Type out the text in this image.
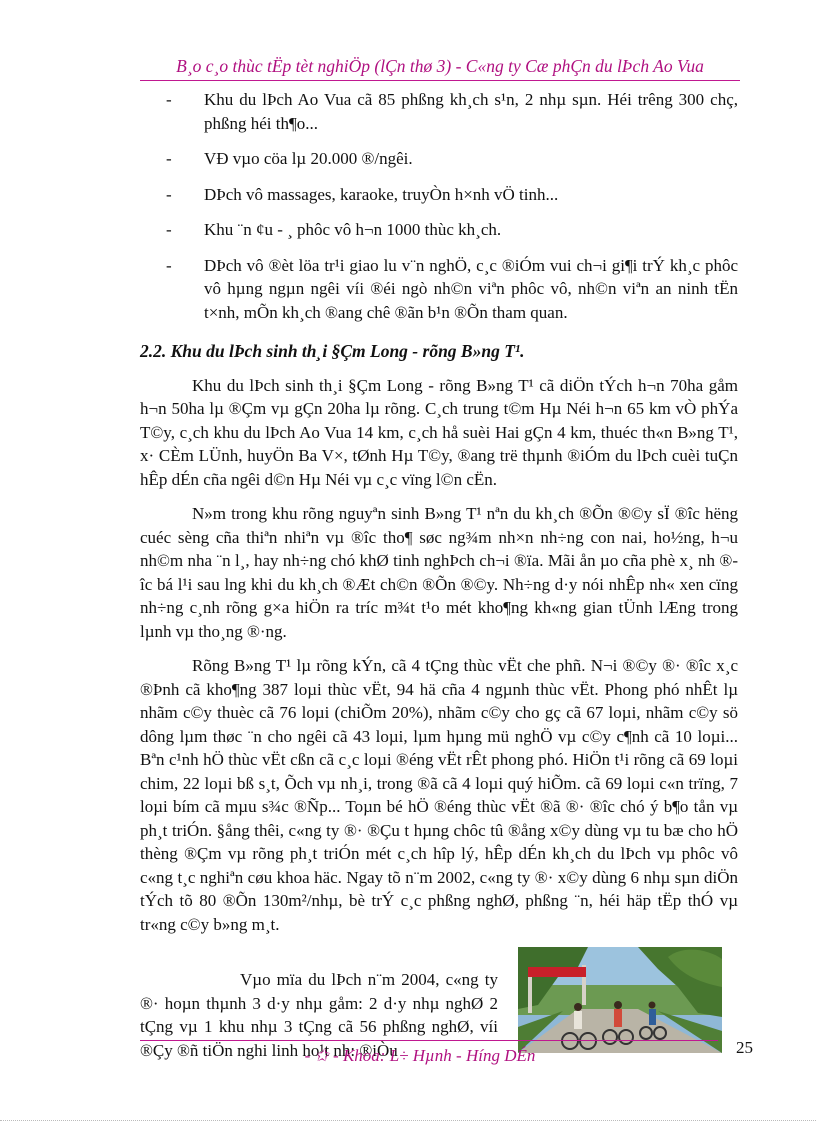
B¸o c¸o thùc tËp tèt nghiÖp (lÇn thø 3) - C«ng ty Cæ phÇn du lÞch Ao Vua
- Khu du lÞch Ao Vua cã 85 phßng kh¸ch s¹n, 2 nhµ sµn. Héi trêng 300 chç, phßng héi th¶o...
- VÐ vµo cöa lµ 20.000 ®/ngêi.
- DÞch vô massages, karaoke, truyÒn h×nh vÖ tinh...
- Khu ¨n ¢u - ¸ phôc vô h¬n 1000 thùc kh¸ch.
- DÞch vô ®èt löa tr¹i giao lu v¨n nghÖ, c¸c ®iÓm vui ch¬i gi¶i trÝ kh¸c phôc vô hµng ngµn ngêi víi ®éi ngò nh©n viªn phôc vô, nh©n viªn an ninh tËn t×nh, mÕn kh¸ch ®ang chê ®ãn b¹n ®Õn tham quan.
2.2. Khu du lÞch sinh th¸i §Çm Long - rõng B»ng T¹.

Khu du lÞch sinh th¸i §Çm Long - rõng B»ng T¹ cã diÖn tÝch h¬n 70ha gåm h¬n 50ha lµ ®Çm vµ gÇn 20ha lµ rõng. C¸ch trung t©m Hµ Néi h¬n 65 km vÒ phÝa T©y, c¸ch khu du lÞch Ao Vua 14 km, c¸ch hå suèi Hai gÇn 4 km, thuéc th«n B»ng T¹, x· CÈm LÜnh, huyÖn Ba V×, tØnh Hµ T©y, ®ang trë thµnh ®iÓm du lÞch cuèi tuÇn hÊp dÉn cña ngêi d©n Hµ Néi vµ c¸c vïng l©n cËn.

N»m trong khu rõng nguyªn sinh B»ng T¹ nªn du kh¸ch ®Õn ®©y sÏ ®îc hëng cuéc sèng cña thiªn nhiªn vµ ®îc tho¶ søc ng¾m nh×n nh÷ng con nai, ho½ng, h¬u nh©m nha ¨n l¸, hay nh÷ng chó khØ tinh nghÞch ch¬i ®ïa. Mãi ån µo cña phè x¸ nh ®îc bá l¹i sau lng khi du kh¸ch ®Æt ch©n ®Õn ®©y. Nh÷ng d·y nói nhÊp nh« xen cïng nh÷ng c¸nh rõng g×a hiÖn ra tríc m¾t t¹o mét kho¶ng kh«ng gian tÜnh lÆng trong lµnh vµ tho¸ng ®·ng.

Rõng B»ng T¹ lµ rõng kÝn, cã 4 tÇng thùc vËt che phñ. N¬i ®©y ®· ®îc x¸c ®Þnh cã kho¶ng 387 loµi thùc vËt, 94 hä cña 4 ngµnh thùc vËt. Phong phó nhÊt lµ nhãm c©y thuèc cã 76 loµi (chiÕm 20%), nhãm c©y cho gç cã 67 loµi, nhãm c©y sö dông lµm thøc ¨n cho ngêi cã 43 loµi, lµm hµng mü nghÖ vµ c©y c¶nh cã 10 loµi... Bªn c¹nh hÖ thùc vËt cßn cã c¸c loµi ®éng vËt rÊt phong phó. HiÖn t¹i rõng cã 69 loµi chim, 22 loµi bß s¸t, Õch vµ nh¸i, trong ®ã cã 4 loµi quý hiÕm. cã 69 loµi c«n trïng, 7 loµi bím cã mµu s¾c ®Ñp... Toµn bé hÖ ®éng thùc vËt ®ã ®· ®îc chó ý b¶o tån vµ ph¸t triÓn. §ång thêi, c«ng ty ®· ®Çu t hµng chôc tû ®ång x©y dùng vµ tu bæ cho hÖ thèng ®Çm vµ rõng ph¸t triÓn mét c¸ch hîp lý, hÊp dÉn kh¸ch du lÞch vµ phôc vô c«ng t¸c nghiªn cøu khoa häc. Ngay tõ n¨m 2002, c«ng ty ®· x©y dùng 6 nhµ sµn diÖn tÝch tõ 80 ®Õn 130m²/nhµ, bè trÝ c¸c phßng nghØ, phßng ¨n, héi häp tËp thÓ vµ tr«ng c©y b»ng m¸t.

Vµo mïa du lÞch n¨m 2004, c«ng ty ®· hoµn thµnh 3 d·y nhµ gåm: 2 d·y nhµ nghØ 2 tÇng vµ 1 khu nhµ 3 tÇng cã 56 phßng nghØ, víi ®Çy ®ñ tiÖn nghi linh ho¹t nh: ®iÒu

- ✩ - Khoa: L÷ Hµnh - Híng DÉn	25
